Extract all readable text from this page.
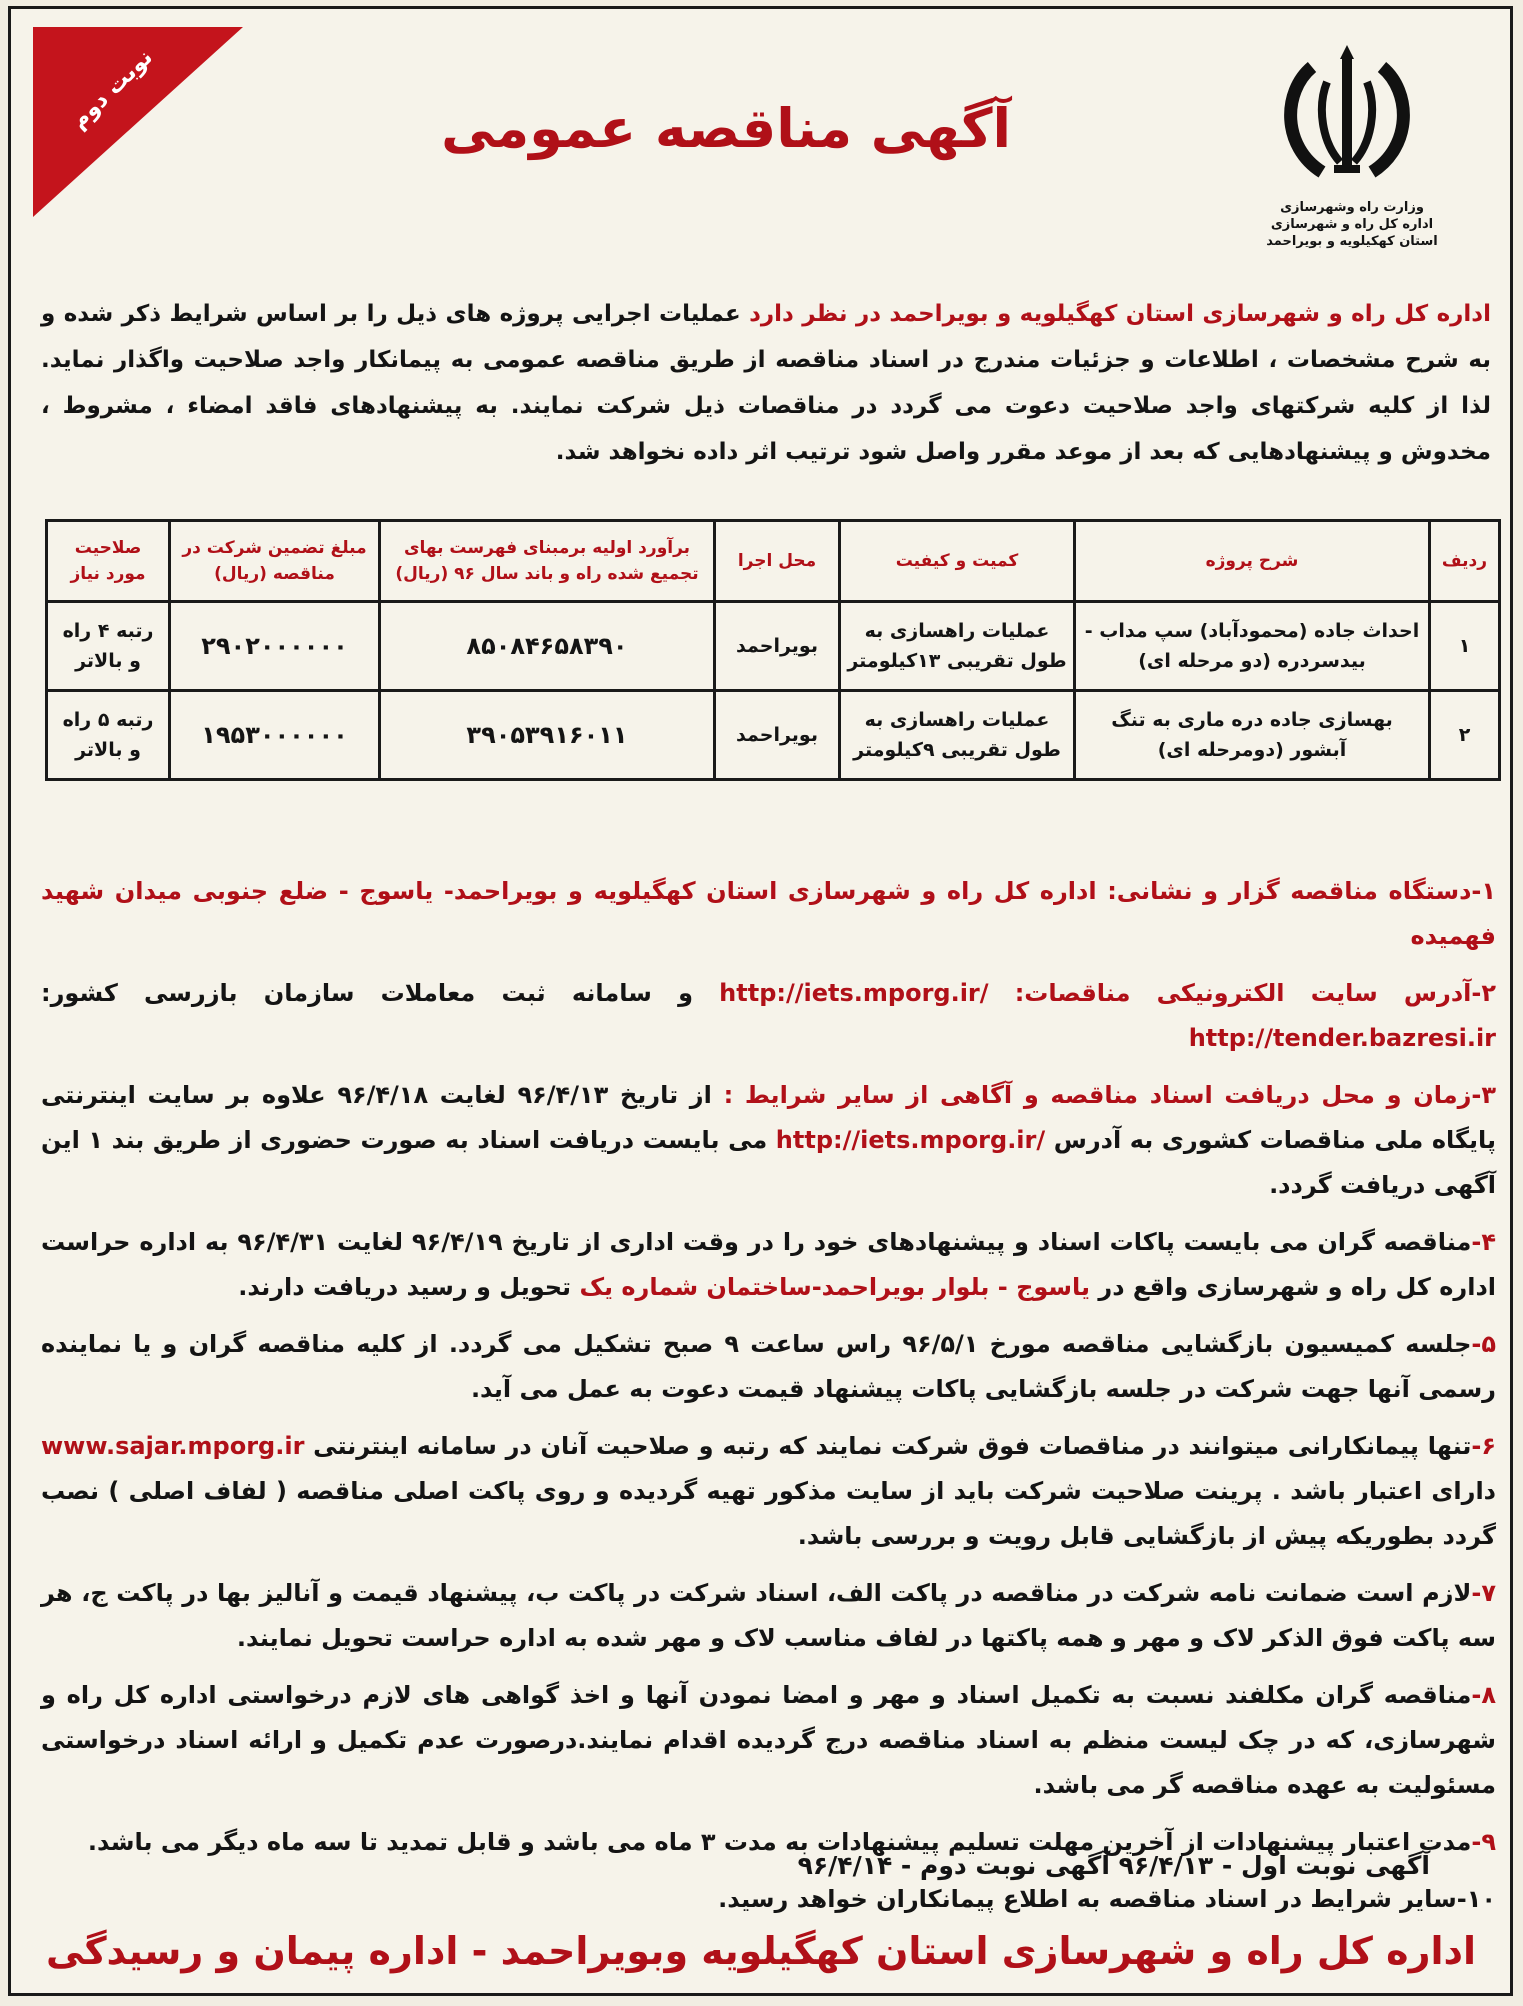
نوبت دوم
وزارت راه وشهرسازی
اداره کل راه و شهرسازی
استان کهکیلویه و بویراحمد
آگهی مناقصه عمومی
اداره کل راه و شهرسازی استان کهگیلویه و بویراحمد در نظر دارد عملیات اجرایی پروژه های ذیل را بر اساس شرایط ذکر شده و به شرح مشخصات ، اطلاعات و جزئیات مندرج در اسناد مناقصه از طریق مناقصه عمومی به پیمانکار واجد صلاحیت واگذار نماید. لذا از کلیه شرکتهای واجد صلاحیت دعوت می گردد در مناقصات ذیل شرکت نمایند. به پیشنهادهای فاقد امضاء ، مشروط ، مخدوش و پیشنهادهایی که بعد از موعد مقرر واصل شود ترتیب اثر داده نخواهد شد.
ردیف	شرح پروژه	کمیت و کیفیت	محل اجرا	برآورد اولیه برمبنای فهرست بهای تجمیع شده راه و باند سال ۹۶ (ریال)	مبلغ تضمین شرکت در مناقصه (ریال)	صلاحیت مورد نیاز
۱	احداث جاده (محمودآباد) سپ مداب - بیدسردره (دو مرحله ای)	عملیات راهسازی به طول تقریبی ۱۳کیلومتر	بویراحمد	۸۵۰۸۴۶۵۸۳۹۰	۲۹۰۲۰۰۰۰۰۰	رتبه ۴ راه و بالاتر
۲	بهسازی جاده دره ماری به تنگ آبشور (دومرحله ای)	عملیات راهسازی به طول تقریبی ۹کیلومتر	بویراحمد	۳۹۰۵۳۹۱۶۰۱۱	۱۹۵۳۰۰۰۰۰۰	رتبه ۵ راه و بالاتر

۱-دستگاه مناقصه گزار و نشانی: اداره کل راه و شهرسازی استان کهگیلویه و بویراحمد- یاسوج - ضلع جنوبی میدان شهید فهمیده

۲-آدرس سایت الکترونیکی مناقصات: http://iets.mporg.ir/ و سامانه ثبت معاملات سازمان بازرسی کشور: http://tender.bazresi.ir

۳-زمان و محل دریافت اسناد مناقصه و آگاهی از سایر شرایط : از تاریخ ۹۶/۴/۱۳ لغایت ۹۶/۴/۱۸ علاوه بر سایت اینترنتی پایگاه ملی مناقصات کشوری به آدرس http://iets.mporg.ir/ می بایست دریافت اسناد به صورت حضوری از طریق بند ۱ این آگهی دریافت گردد.

۴-مناقصه گران می بایست پاکات اسناد و پیشنهادهای خود را در وقت اداری از تاریخ ۹۶/۴/۱۹ لغایت ۹۶/۴/۳۱ به اداره حراست اداره کل راه و شهرسازی واقع در یاسوج - بلوار بویراحمد-ساختمان شماره یک تحویل و رسید دریافت دارند.

۵-جلسه کمیسیون بازگشایی مناقصه مورخ ۹۶/۵/۱ راس ساعت ۹ صبح تشکیل می گردد. از کلیه مناقصه گران و یا نماینده رسمی آنها جهت شرکت در جلسه بازگشایی پاکات پیشنهاد قیمت دعوت به عمل می آید.

۶-تنها پیمانکارانی میتوانند در مناقصات فوق شرکت نمایند که رتبه و صلاحیت آنان در سامانه اینترنتی www.sajar.mporg.ir دارای اعتبار باشد . پرینت صلاحیت شرکت باید از سایت مذکور تهیه گردیده و روی پاکت اصلی مناقصه ( لفاف اصلی ) نصب گردد بطوریکه پیش از بازگشایی قابل رویت و بررسی باشد.

۷-لازم است ضمانت نامه شرکت در مناقصه در پاکت الف، اسناد شرکت در پاکت ب، پیشنهاد قیمت و آنالیز بها در پاکت ج، هر سه پاکت فوق الذکر لاک و مهر و همه پاکتها در لفاف مناسب لاک و مهر شده به اداره حراست تحویل نمایند.

۸-مناقصه گران مکلفند نسبت به تکمیل اسناد و مهر و امضا نمودن آنها و اخذ گواهی های لازم درخواستی اداره کل راه و شهرسازی، که در چک لیست منظم به اسناد مناقصه درج گردیده اقدام نمایند.درصورت عدم تکمیل و ارائه اسناد درخواستی مسئولیت به عهده مناقصه گر می باشد.

۹-مدت اعتبار پیشنهادات از آخرین مهلت تسلیم پیشنهادات به مدت ۳ ماه می باشد و قابل تمدید تا سه ماه دیگر می باشد.

۱۰-سایر شرایط در اسناد مناقصه به اطلاع پیمانکاران خواهد رسید.

آگهی نوبت اول - ۹۶/۴/۱۳ آگهی نوبت دوم - ۹۶/۴/۱۴
اداره کل راه و شهرسازی استان کهگیلویه وبویراحمد - اداره پیمان و رسیدگی
